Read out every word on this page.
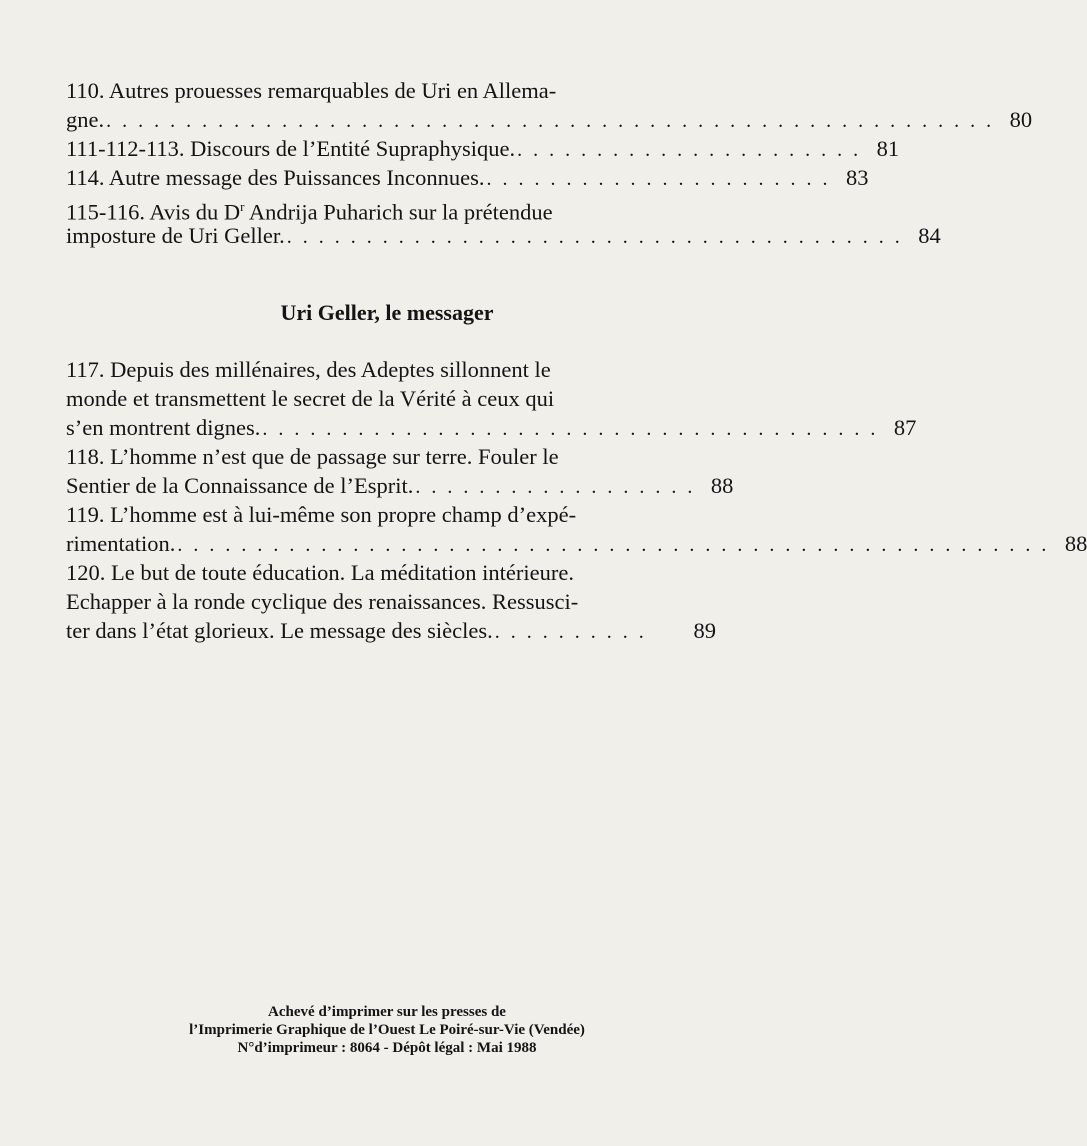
110. Autres prouesses remarquables de Uri en Allema-
gne. . . . . . . . . . . . . . . . . . . . . . . . . . . . . . . . . . . . . . . . . . . . . . . . . . . . . . . . . 80
111-112-113. Discours de l’Entité Supraphysique. . . . . . . . . . . . . . . . . . . . . . . 81
114. Autre message des Puissances Inconnues. . . . . . . . . . . . . . . . . . . . . . . 83
115-116. Avis du $D^r$ Andrija Puharich sur la prétendue
imposture de Uri Geller. . . . . . . . . . . . . . . . . . . . . . . . . . . . . . . . . . . . . . . . 84
Uri Geller, le messager
117. Depuis des millénaires, des Adeptes sillonnent le
monde et transmettent le secret de la Vérité à ceux qui
s’en montrent dignes. . . . . . . . . . . . . . . . . . . . . . . . . . . . . . . . . . . . . . . . 87
118. L’homme n’est que de passage sur terre. Fouler le
Sentier de la Connaissance de l’Esprit. . . . . . . . . . . . . . . . . . . 88
119. L’homme est à lui-même son propre champ d’expé-
rimentation. . . . . . . . . . . . . . . . . . . . . . . . . . . . . . . . . . . . . . . . . . . . . . . . . . . . . . . . 88
120. Le but de toute éducation. La méditation intérieure.
Echapper à la ronde cyclique des renaissances. Ressusci-
ter dans l’état glorieux. Le message des siècles. . . . . . . . . . .	89
Achevé d’imprimer sur les presses de
l’Imprimerie Graphique de l’Ouest Le Poiré-sur-Vie (Vendée)
N°d’imprimeur : 8064 - Dépôt légal : Mai 1988
